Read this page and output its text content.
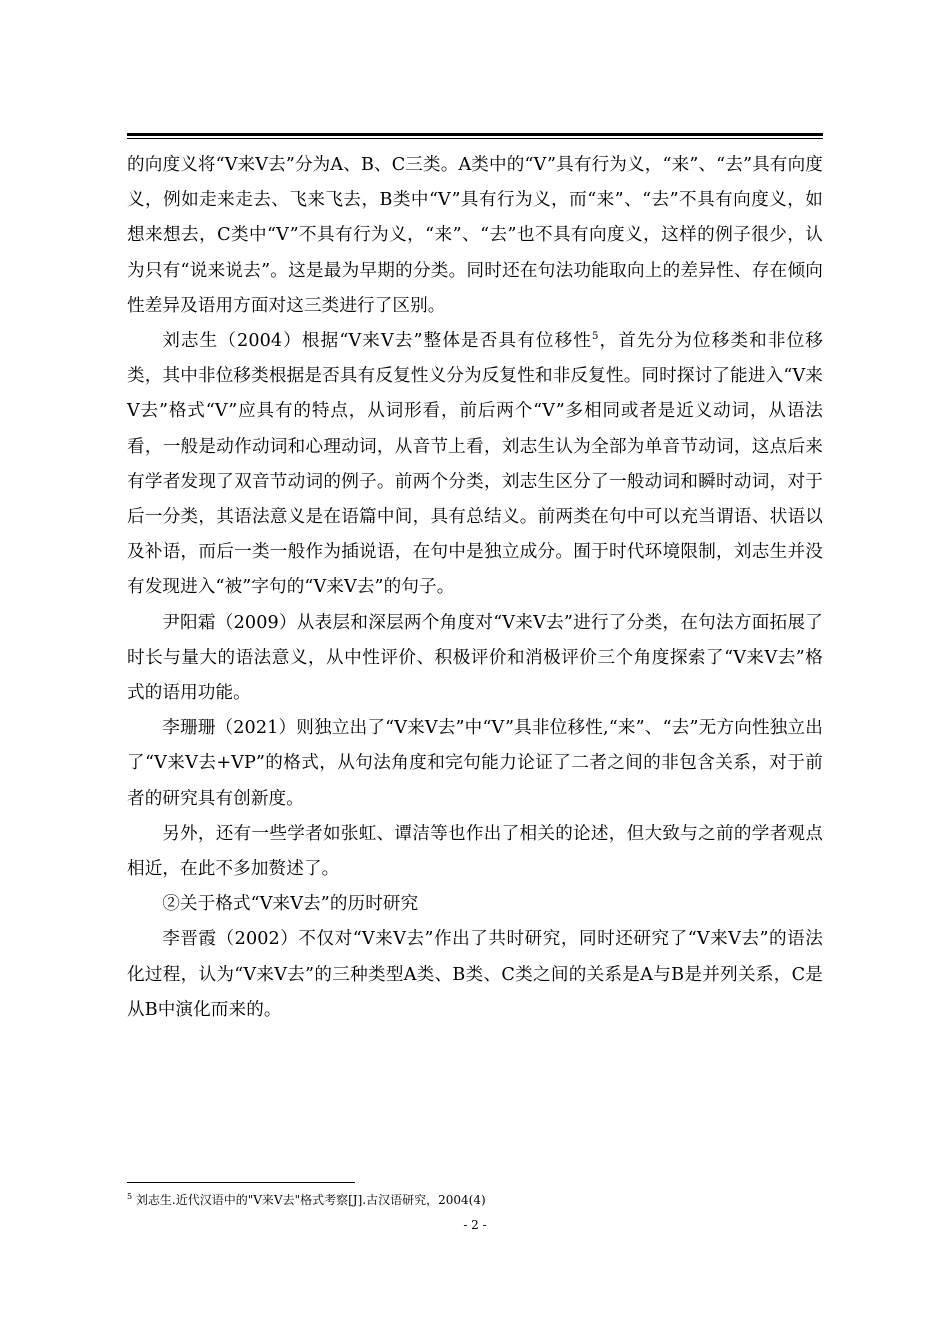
的向度义将“V来V去”分为A、B、C三类。A类中的“V”具有行为义，“来”、“去”具有向度义，例如走来走去、飞来飞去，B类中“V”具有行为义，而“来”、“去”不具有向度义，如想来想去，C类中“V”不具有行为义，“来”、“去”也不具有向度义，这样的例子很少，认为只有“说来说去”。这是最为早期的分类。同时还在句法功能取向上的差异性、存在倾向性差异及语用方面对这三类进行了区别。

刘志生（2004）根据“V来V去”整体是否具有位移性$^5$，首先分为位移类和非位移类，其中非位移类根据是否具有反复性义分为反复性和非反复性。同时探讨了能进入“V来V去”格式“V”应具有的特点，从词形看，前后两个“V”多相同或者是近义动词，从语法看，一般是动作动词和心理动词，从音节上看，刘志生认为全部为单音节动词，这点后来有学者发现了双音节动词的例子。前两个分类，刘志生区分了一般动词和瞬时动词，对于后一分类，其语法意义是在语篇中间，具有总结义。前两类在句中可以充当谓语、状语以及补语，而后一类一般作为插说语，在句中是独立成分。囿于时代环境限制，刘志生并没有发现进入“被”字句的“V来V去”的句子。

尹阳霜（2009）从表层和深层两个角度对“V来V去”进行了分类，在句法方面拓展了时长与量大的语法意义，从中性评价、积极评价和消极评价三个角度探索了“V来V去”格式的语用功能。

李珊珊（2021）则独立出了“V来V去”中“V”具非位移性,“来”、“去”无方向性独立出了“V来V去+VP”的格式，从句法角度和完句能力论证了二者之间的非包含关系，对于前者的研究具有创新度。

另外，还有一些学者如张虹、谭洁等也作出了相关的论述，但大致与之前的学者观点相近，在此不多加赘述了。

②关于格式“V来V去”的历时研究

李晋霞（2002）不仅对“V来V去”作出了共时研究，同时还研究了“V来V去”的语法化过程，认为“V来V去”的三种类型A类、B类、C类之间的关系是A与B是并列关系，C是从B中演化而来的。

$^5$ 刘志生.近代汉语中的"V来V去"格式考察[J].古汉语研究，2004(4)
- 2 -
